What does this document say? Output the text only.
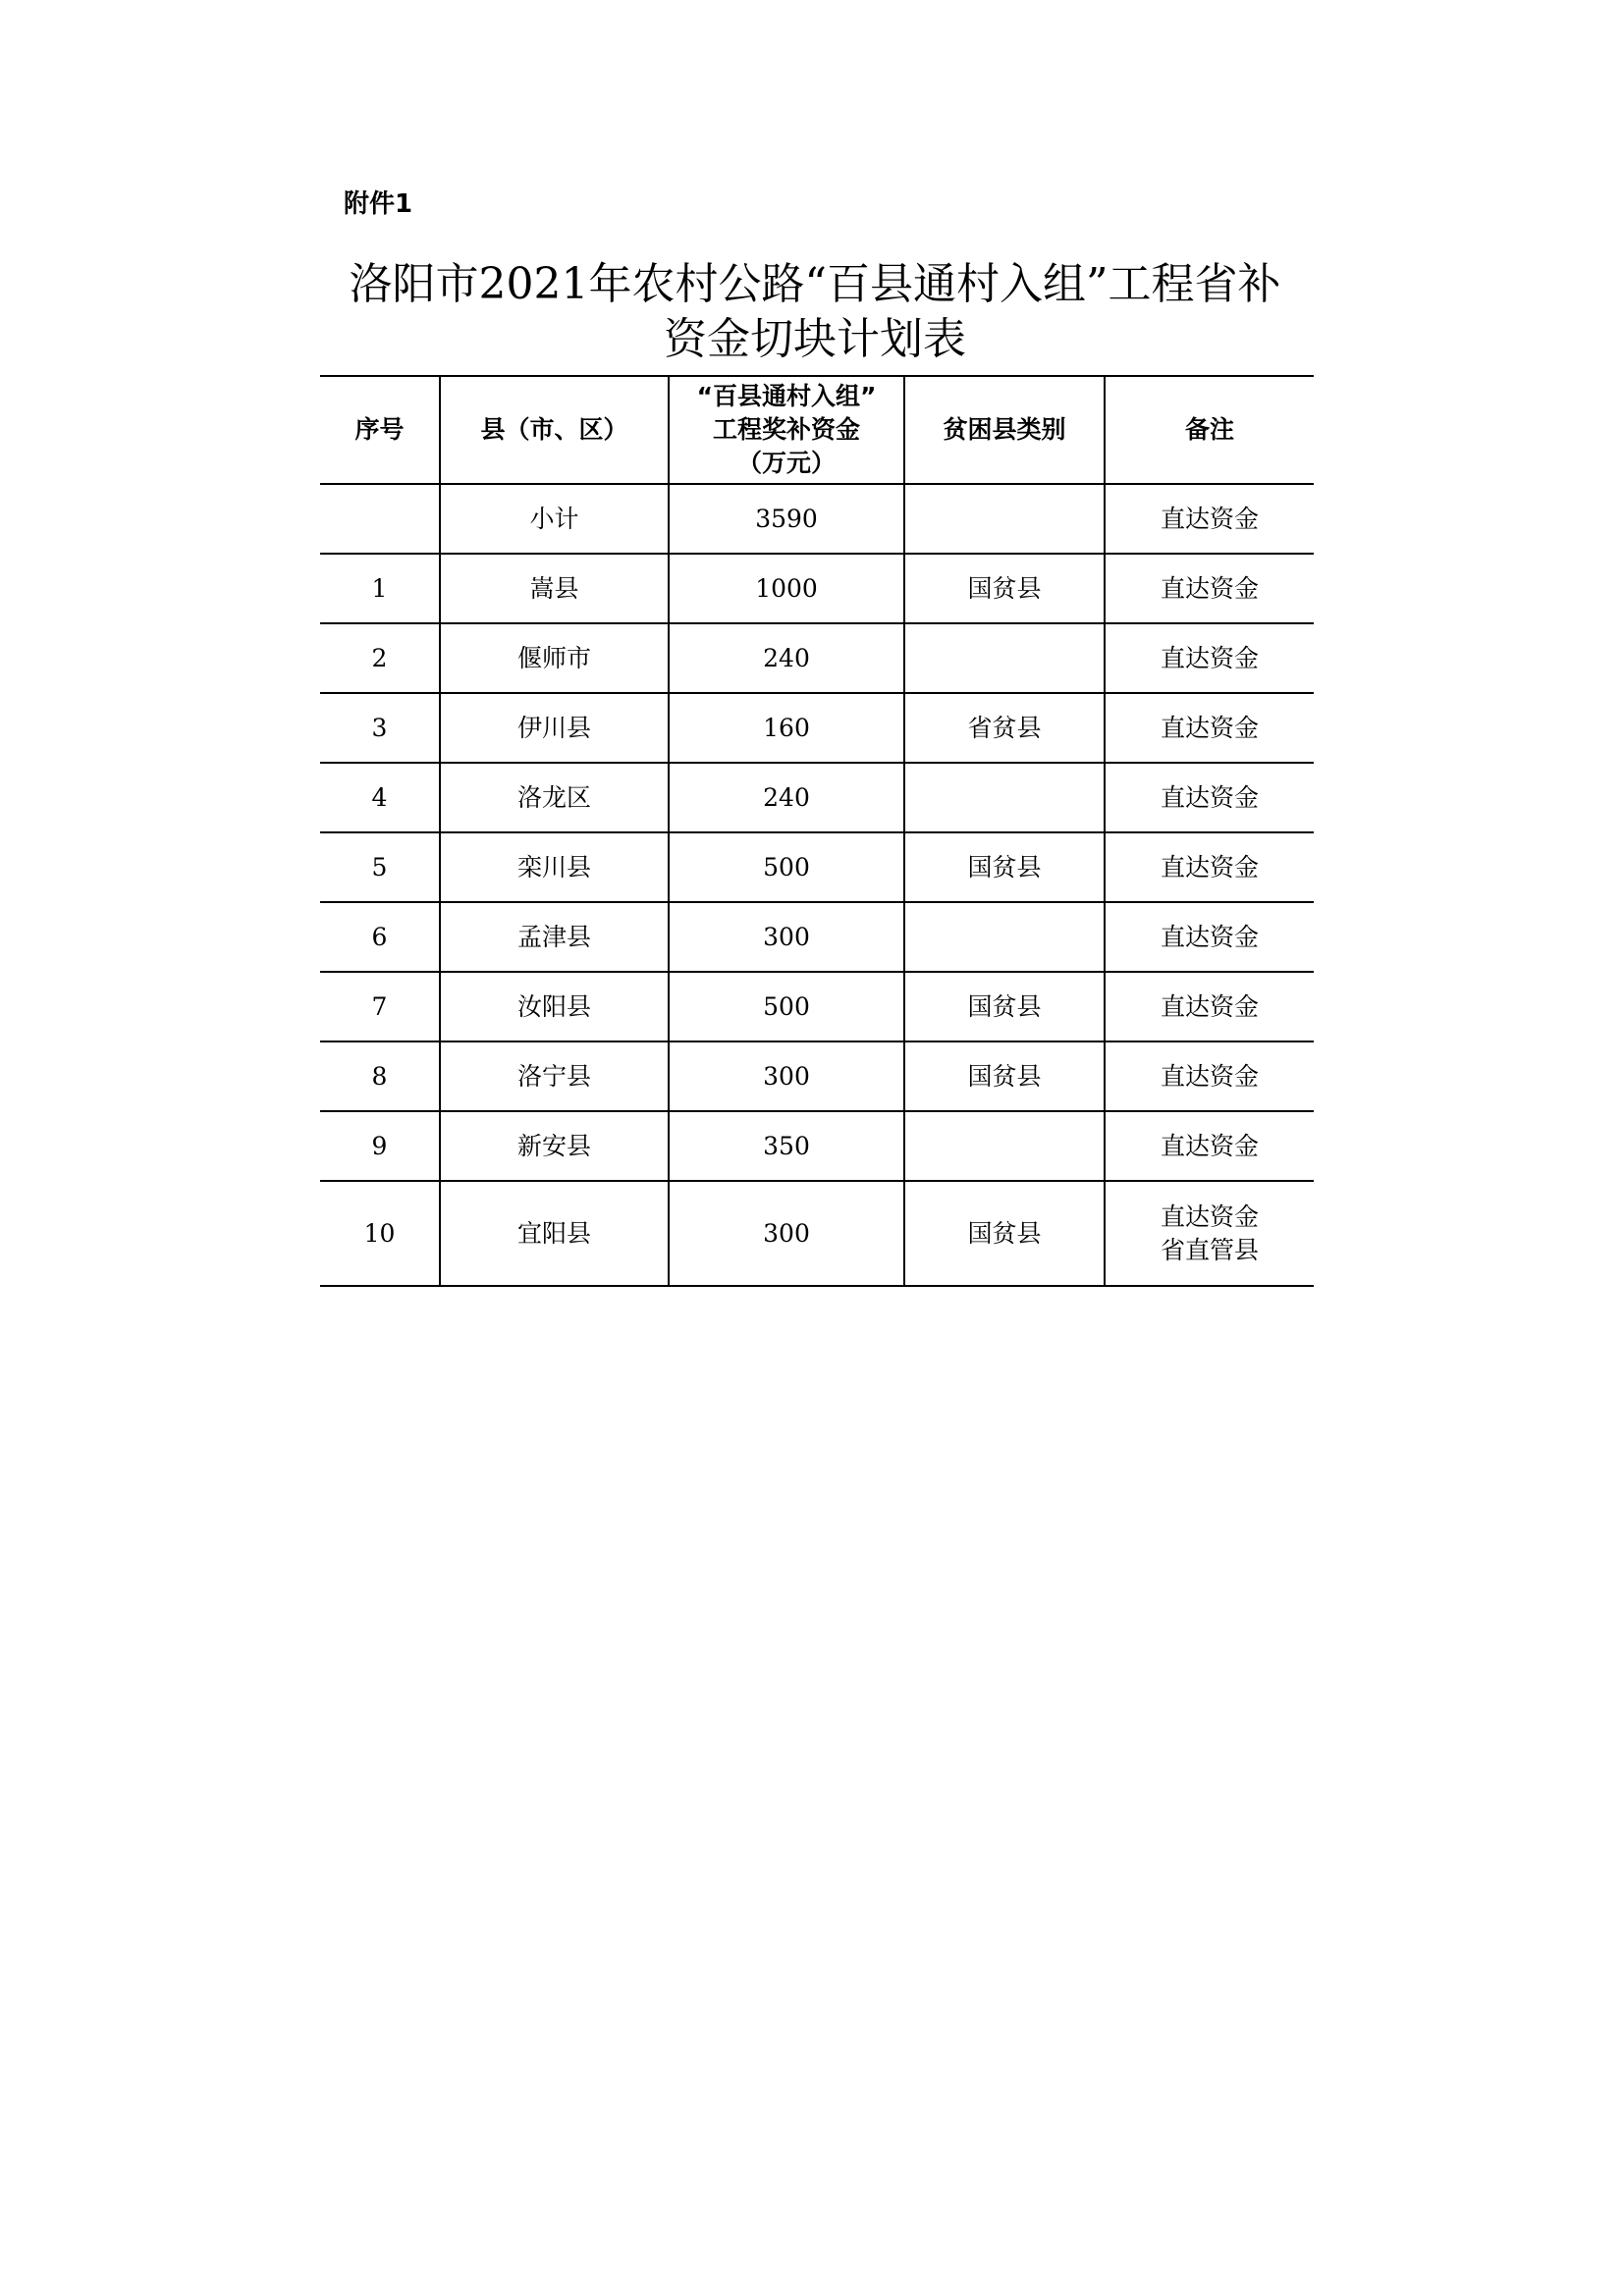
附件1
洛阳市2021年农村公路“百县通村入组”工程省补
资金切块计划表
序号	县（市、区）	“百县通村入组”
工程奖补资金
（万元）	贫困县类别	备注
	小计	3590		直达资金

1	嵩县	1000	国贫县	直达资金

2	偃师市	240		直达资金

3	伊川县	160	省贫县	直达资金

4	洛龙区	240		直达资金

5	栾川县	500	国贫县	直达资金

6	孟津县	300		直达资金

7	汝阳县	500	国贫县	直达资金

8	洛宁县	300	国贫县	直达资金

9	新安县	350		直达资金

10	宜阳县	300	国贫县	直达资金
省直管县
